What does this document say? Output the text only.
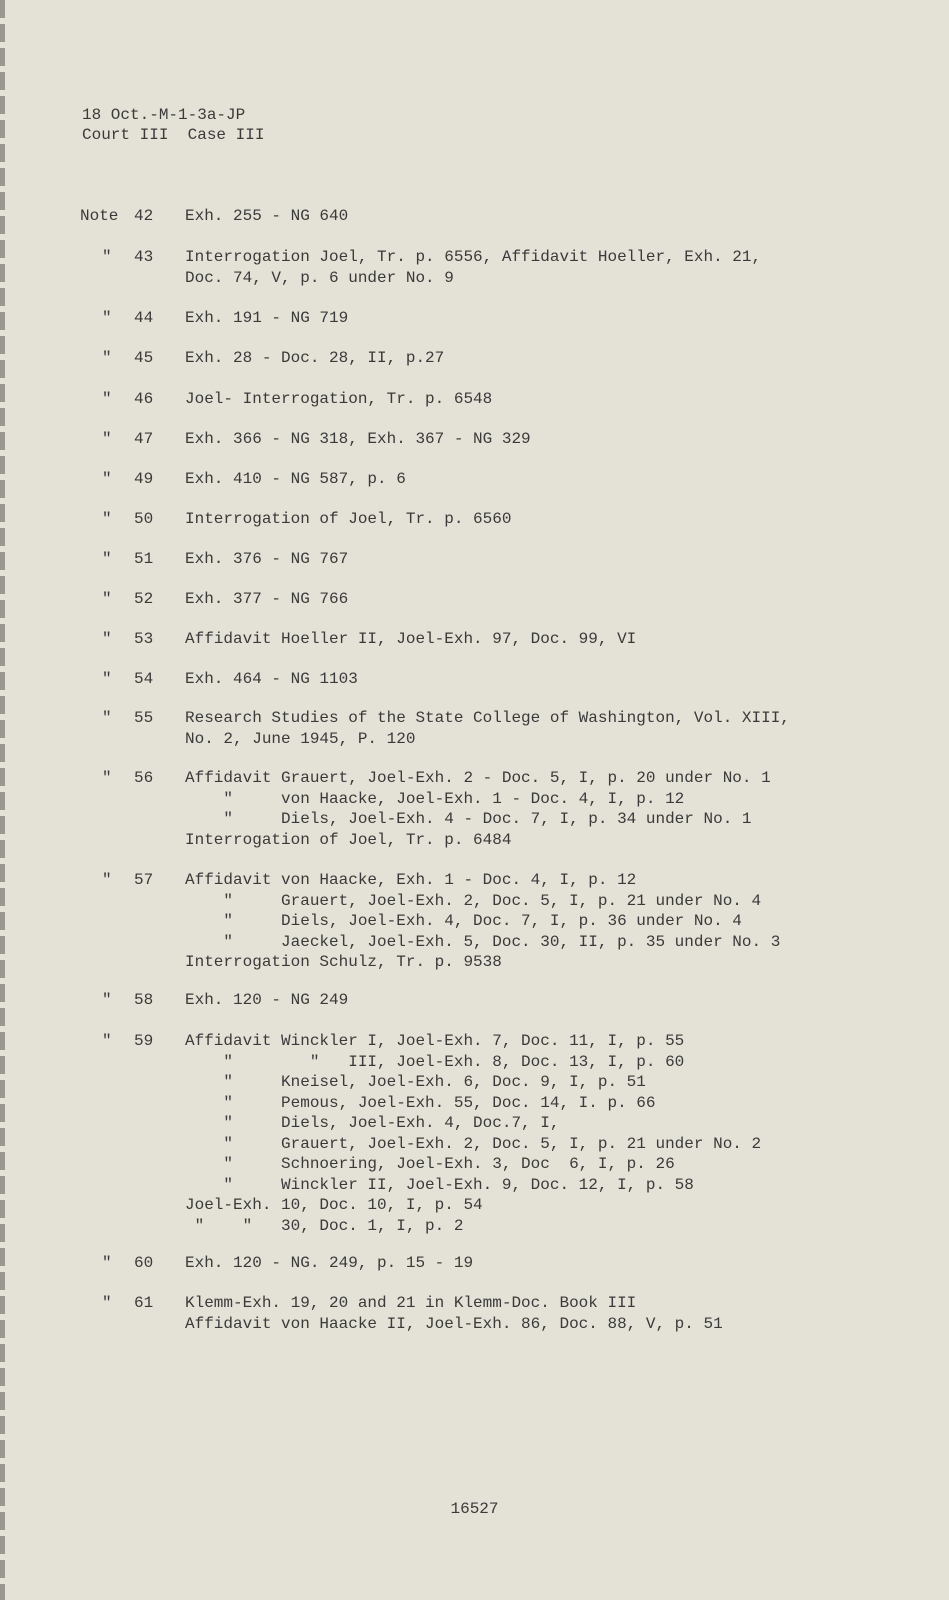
18 Oct.-M-1-3a-JP
Court III  Case III
Note 42	Exh. 255 - NG 640
"	43	Interrogation Joel, Tr. p. 6556, Affidavit Hoeller, Exh. 21,
Doc. 74, V, p. 6 under No. 9
"	44	Exh. 191 - NG 719
"	45	Exh. 28 - Doc. 28, II, p.27
"	46	Joel- Interrogation, Tr. p. 6548
"	47	Exh. 366 - NG 318, Exh. 367 - NG 329
"	49	Exh. 410 - NG 587, p. 6
"	50	Interrogation of Joel, Tr. p. 6560
"	51	Exh. 376 - NG 767
"	52	Exh. 377 - NG 766
"	53	Affidavit Hoeller II, Joel-Exh. 97, Doc. 99, VI
"	54	Exh. 464 - NG 1103
"	55	Research Studies of the State College of Washington, Vol. XIII,
No. 2, June 1945, P. 120
"	56	Affidavit Grauert, Joel-Exh. 2 - Doc. 5, I, p. 20 under No. 1
"     von Haacke, Joel-Exh. 1 - Doc. 4, I, p. 12
"     Diels, Joel-Exh. 4 - Doc. 7, I, p. 34 under No. 1
Interrogation of Joel, Tr. p. 6484
"	57	Affidavit von Haacke, Exh. 1 - Doc. 4, I, p. 12
"     Grauert, Joel-Exh. 2, Doc. 5, I, p. 21 under No. 4
"     Diels, Joel-Exh. 4, Doc. 7, I, p. 36 under No. 4
"     Jaeckel, Joel-Exh. 5, Doc. 30, II, p. 35 under No. 3
Interrogation Schulz, Tr. p. 9538
"	58	Exh. 120 - NG 249
"	59	Affidavit Winckler I, Joel-Exh. 7, Doc. 11, I, p. 55
"        "   III, Joel-Exh. 8, Doc. 13, I, p. 60
"     Kneisel, Joel-Exh. 6, Doc. 9, I, p. 51
"     Pemous, Joel-Exh. 55, Doc. 14, I. p. 66
"     Diels, Joel-Exh. 4, Doc.7, I,
"     Grauert, Joel-Exh. 2, Doc. 5, I, p. 21 under No. 2
"     Schnoering, Joel-Exh. 3, Doc  6, I, p. 26
"     Winckler II, Joel-Exh. 9, Doc. 12, I, p. 58
Joel-Exh. 10, Doc. 10, I, p. 54
"    "   30, Doc. 1, I, p. 2
"	60	Exh. 120 - NG. 249, p. 15 - 19
"	61	Klemm-Exh. 19, 20 and 21 in Klemm-Doc. Book III
Affidavit von Haacke II, Joel-Exh. 86, Doc. 88, V, p. 51
16527
